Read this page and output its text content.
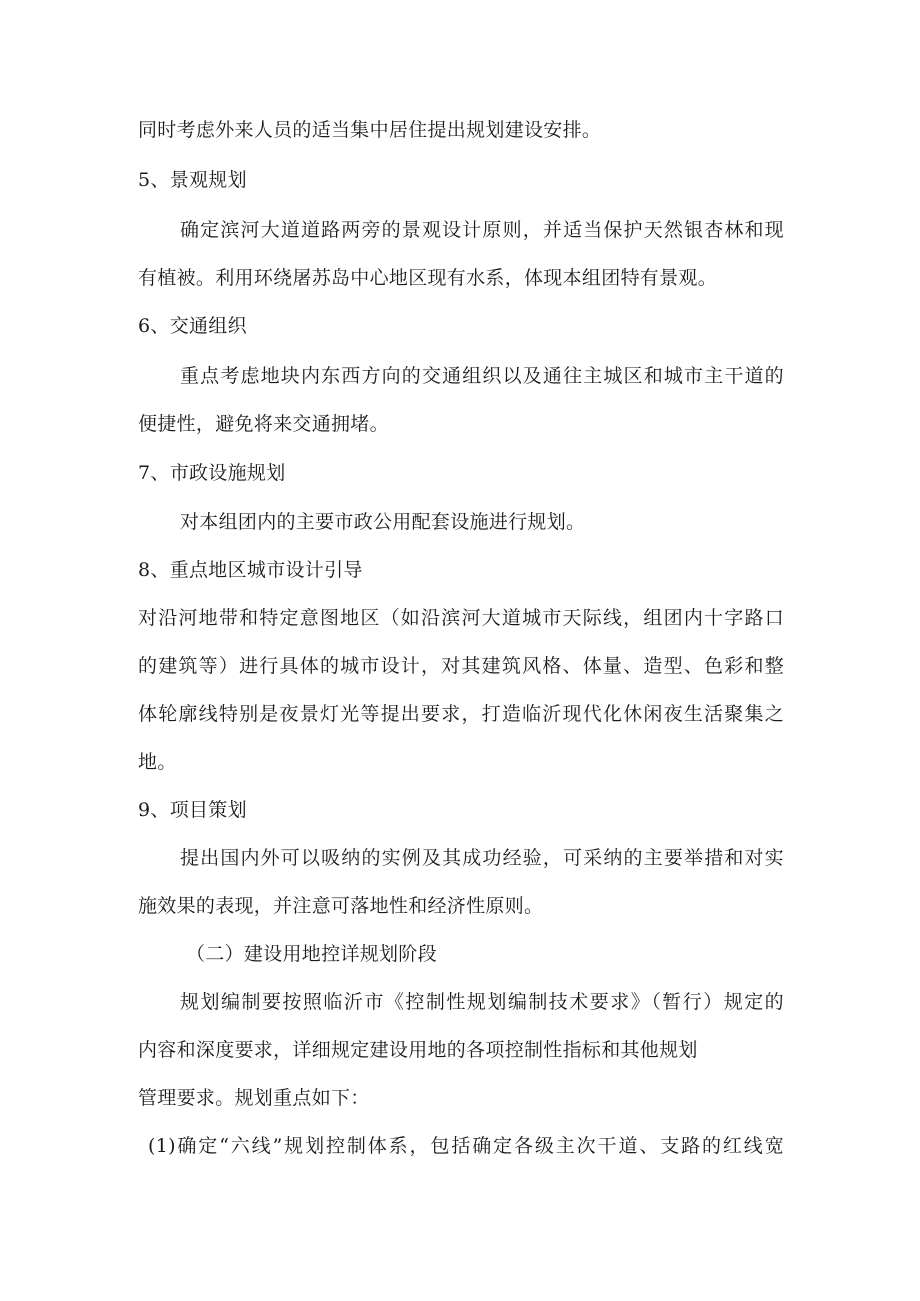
同时考虑外来人员的适当集中居住提出规划建设安排。
5、景观规划
确定滨河大道道路两旁的景观设计原则，并适当保护天然银杏林和现
有植被。利用环绕屠苏岛中心地区现有水系，体现本组团特有景观。
6、交通组织
重点考虑地块内东西方向的交通组织以及通往主城区和城市主干道的
便捷性，避免将来交通拥堵。
7、市政设施规划
对本组团内的主要市政公用配套设施进行规划。
8、重点地区城市设计引导
对沿河地带和特定意图地区（如沿滨河大道城市天际线，组团内十字路口
的建筑等）进行具体的城市设计，对其建筑风格、体量、造型、色彩和整
体轮廓线特别是夜景灯光等提出要求，打造临沂现代化休闲夜生活聚集之
地。
9、项目策划
提出国内外可以吸纳的实例及其成功经验，可采纳的主要举措和对实
施效果的表现，并注意可落地性和经济性原则。
（二）建设用地控详规划阶段
规划编制要按照临沂市《控制性规划编制技术要求》（暂行）规定的
内容和深度要求，详细规定建设用地的各项控制性指标和其他规划
管理要求。规划重点如下：
(1)确定“六线”规划控制体系，包括确定各级主次干道、支路的红线宽
